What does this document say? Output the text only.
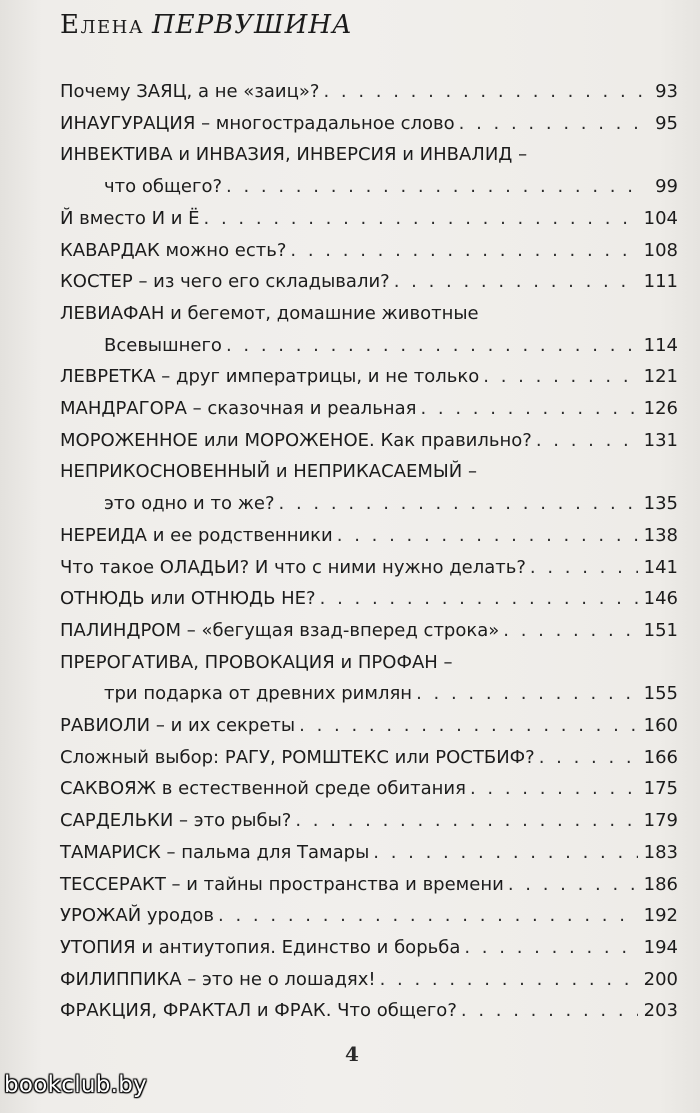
Елена ПЕРВУШИНА
Почему ЗАЯЦ, а не «заиц»? . . .	93
ИНАУГУРАЦИЯ – многострадальное слово . . .	95
ИНВЕКТИВА и ИНВАЗИЯ, ИНВЕРСИЯ и ИНВАЛИД –
что общего? . . .	99
Й вместо И и Ё . . .	104
КАВАРДАК можно есть? . . .	108
КОСТЕР – из чего его складывали? . . .	111
ЛЕВИАФАН и бегемот, домашние животные
Всевышнего . . .	114
ЛЕВРЕТКА – друг императрицы, и не только . . .	121
МАНДРАГОРА – сказочная и реальная . . .	126
МОРОЖЕННОЕ или МОРОЖЕНОЕ. Как правильно? . . .	131
НЕПРИКОСНОВЕННЫЙ и НЕПРИКАСАЕМЫЙ –
это одно и то же? . . .	135
НЕРЕИДА и ее родственники . . .	138
Что такое ОЛАДЬИ? И что с ними нужно делать? . . .	141
ОТНЮДЬ или ОТНЮДЬ НЕ? . . .	146
ПАЛИНДРОМ – «бегущая взад-вперед строка» . . .	151
ПРЕРОГАТИВА, ПРОВОКАЦИЯ и ПРОФАН –
три подарка от древних римлян . . .	155
РАВИОЛИ – и их секреты . . .	160
Сложный выбор: РАГУ, РОМШТЕКС или РОСТБИФ? . . .	166
САКВОЯЖ в естественной среде обитания . . .	175
САРДЕЛЬКИ – это рыбы? . . .	179
ТАМАРИСК – пальма для Тамары . . .	183
ТЕССЕРАКТ – и тайны пространства и времени . . .	186
УРОЖАЙ уродов . . .	192
УТОПИЯ и антиутопия. Единство и борьба . . .	194
ФИЛИППИКА – это не о лошадях! . . .	200
ФРАКЦИЯ, ФРАКТАЛ и ФРАК. Что общего? . . .	203
4
bookclub.by
